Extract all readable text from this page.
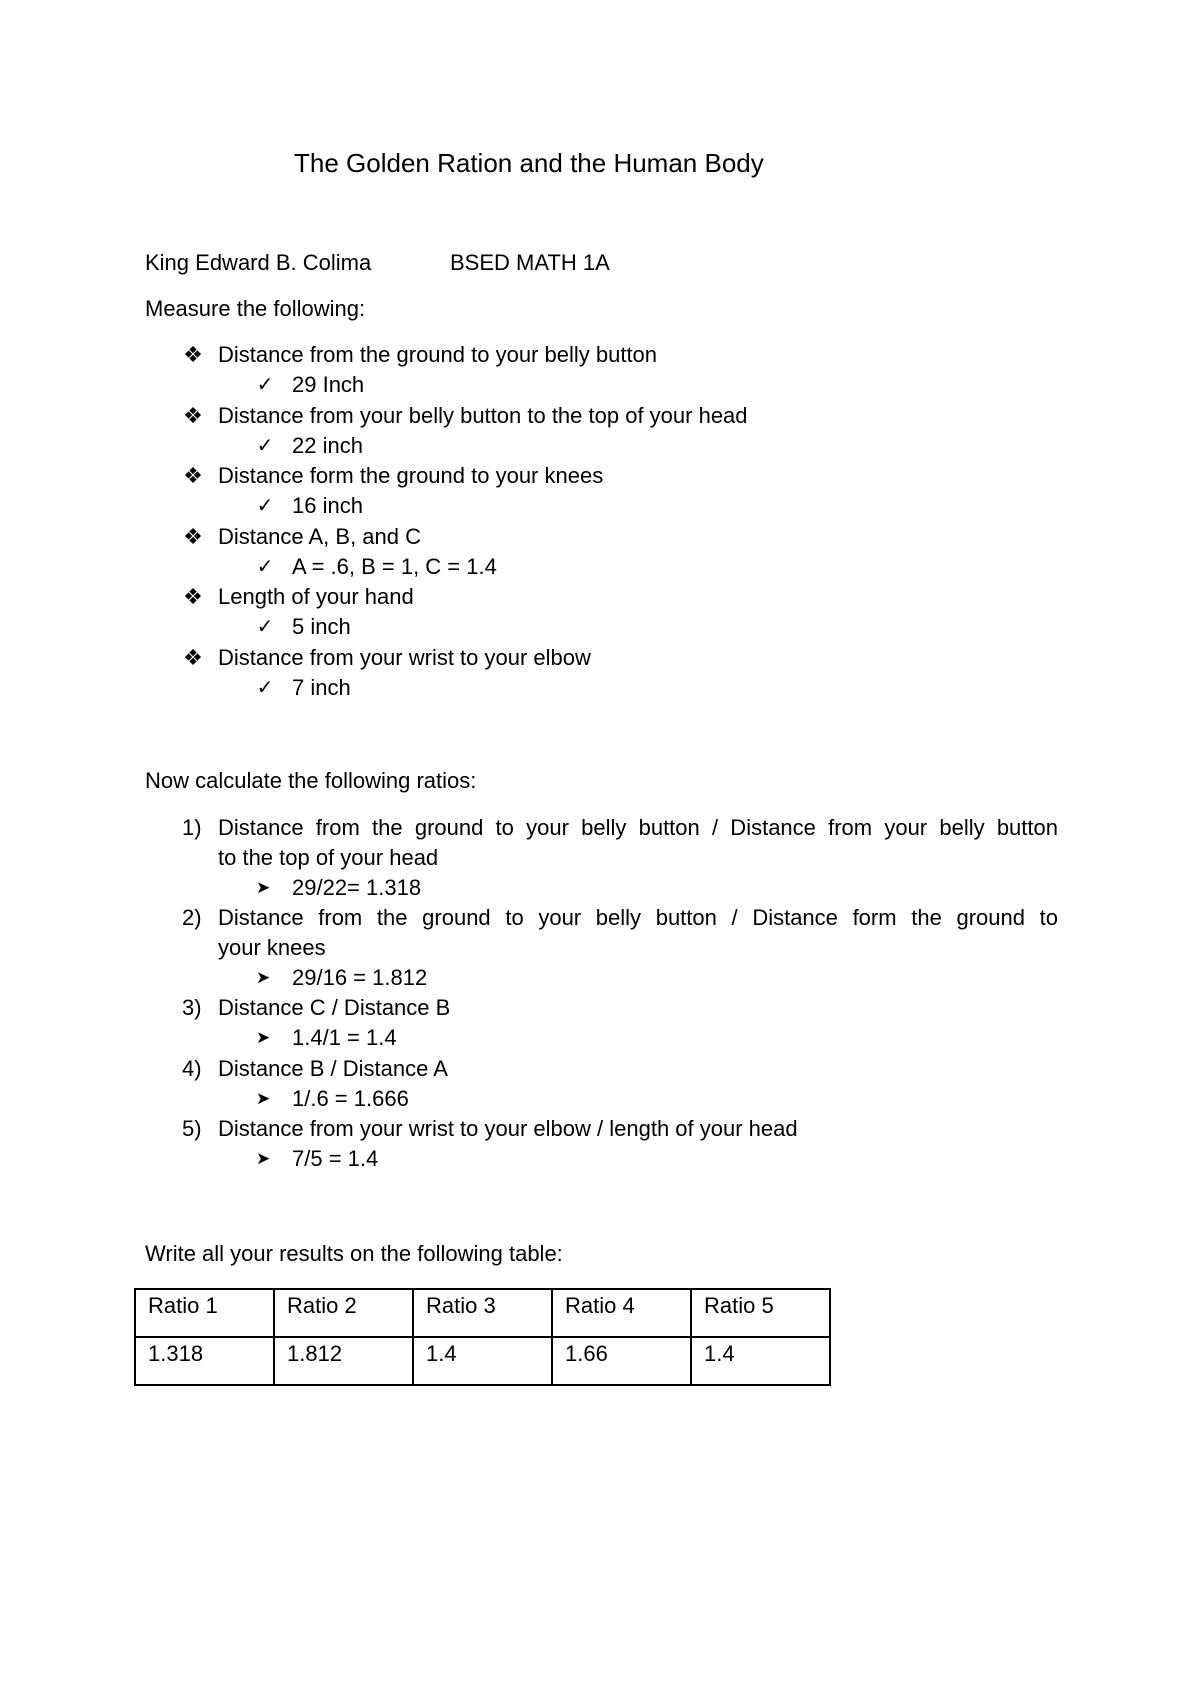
The Golden Ration and the Human Body
King Edward B. Colima	BSED MATH 1A
Measure the following:
❖ Distance from the ground to your belly button
✓ 29 Inch
❖ Distance from your belly button to the top of your head
✓ 22 inch
❖ Distance form the ground to your knees
✓ 16 inch
❖ Distance A, B, and C
✓ A = .6, B = 1, C = 1.4
❖ Length of your hand
✓ 5 inch
❖ Distance from your wrist to your elbow
✓ 7 inch
Now calculate the following ratios:
1) Distance from the ground to your belly button / Distance from your belly button
to the top of your head
➤ 29/22= 1.318
2) Distance from the ground to your belly button / Distance form the ground to
your knees
➤ 29/16 = 1.812
3) Distance C / Distance B
➤ 1.4/1 = 1.4
4) Distance B / Distance A
➤ 1/.6 = 1.666
5) Distance from your wrist to your elbow / length of your head
➤ 7/5 = 1.4
Write all your results on the following table:
Ratio 1	Ratio 2	Ratio 3	Ratio 4	Ratio 5
1.318	1.812	1.4	1.66	1.4
